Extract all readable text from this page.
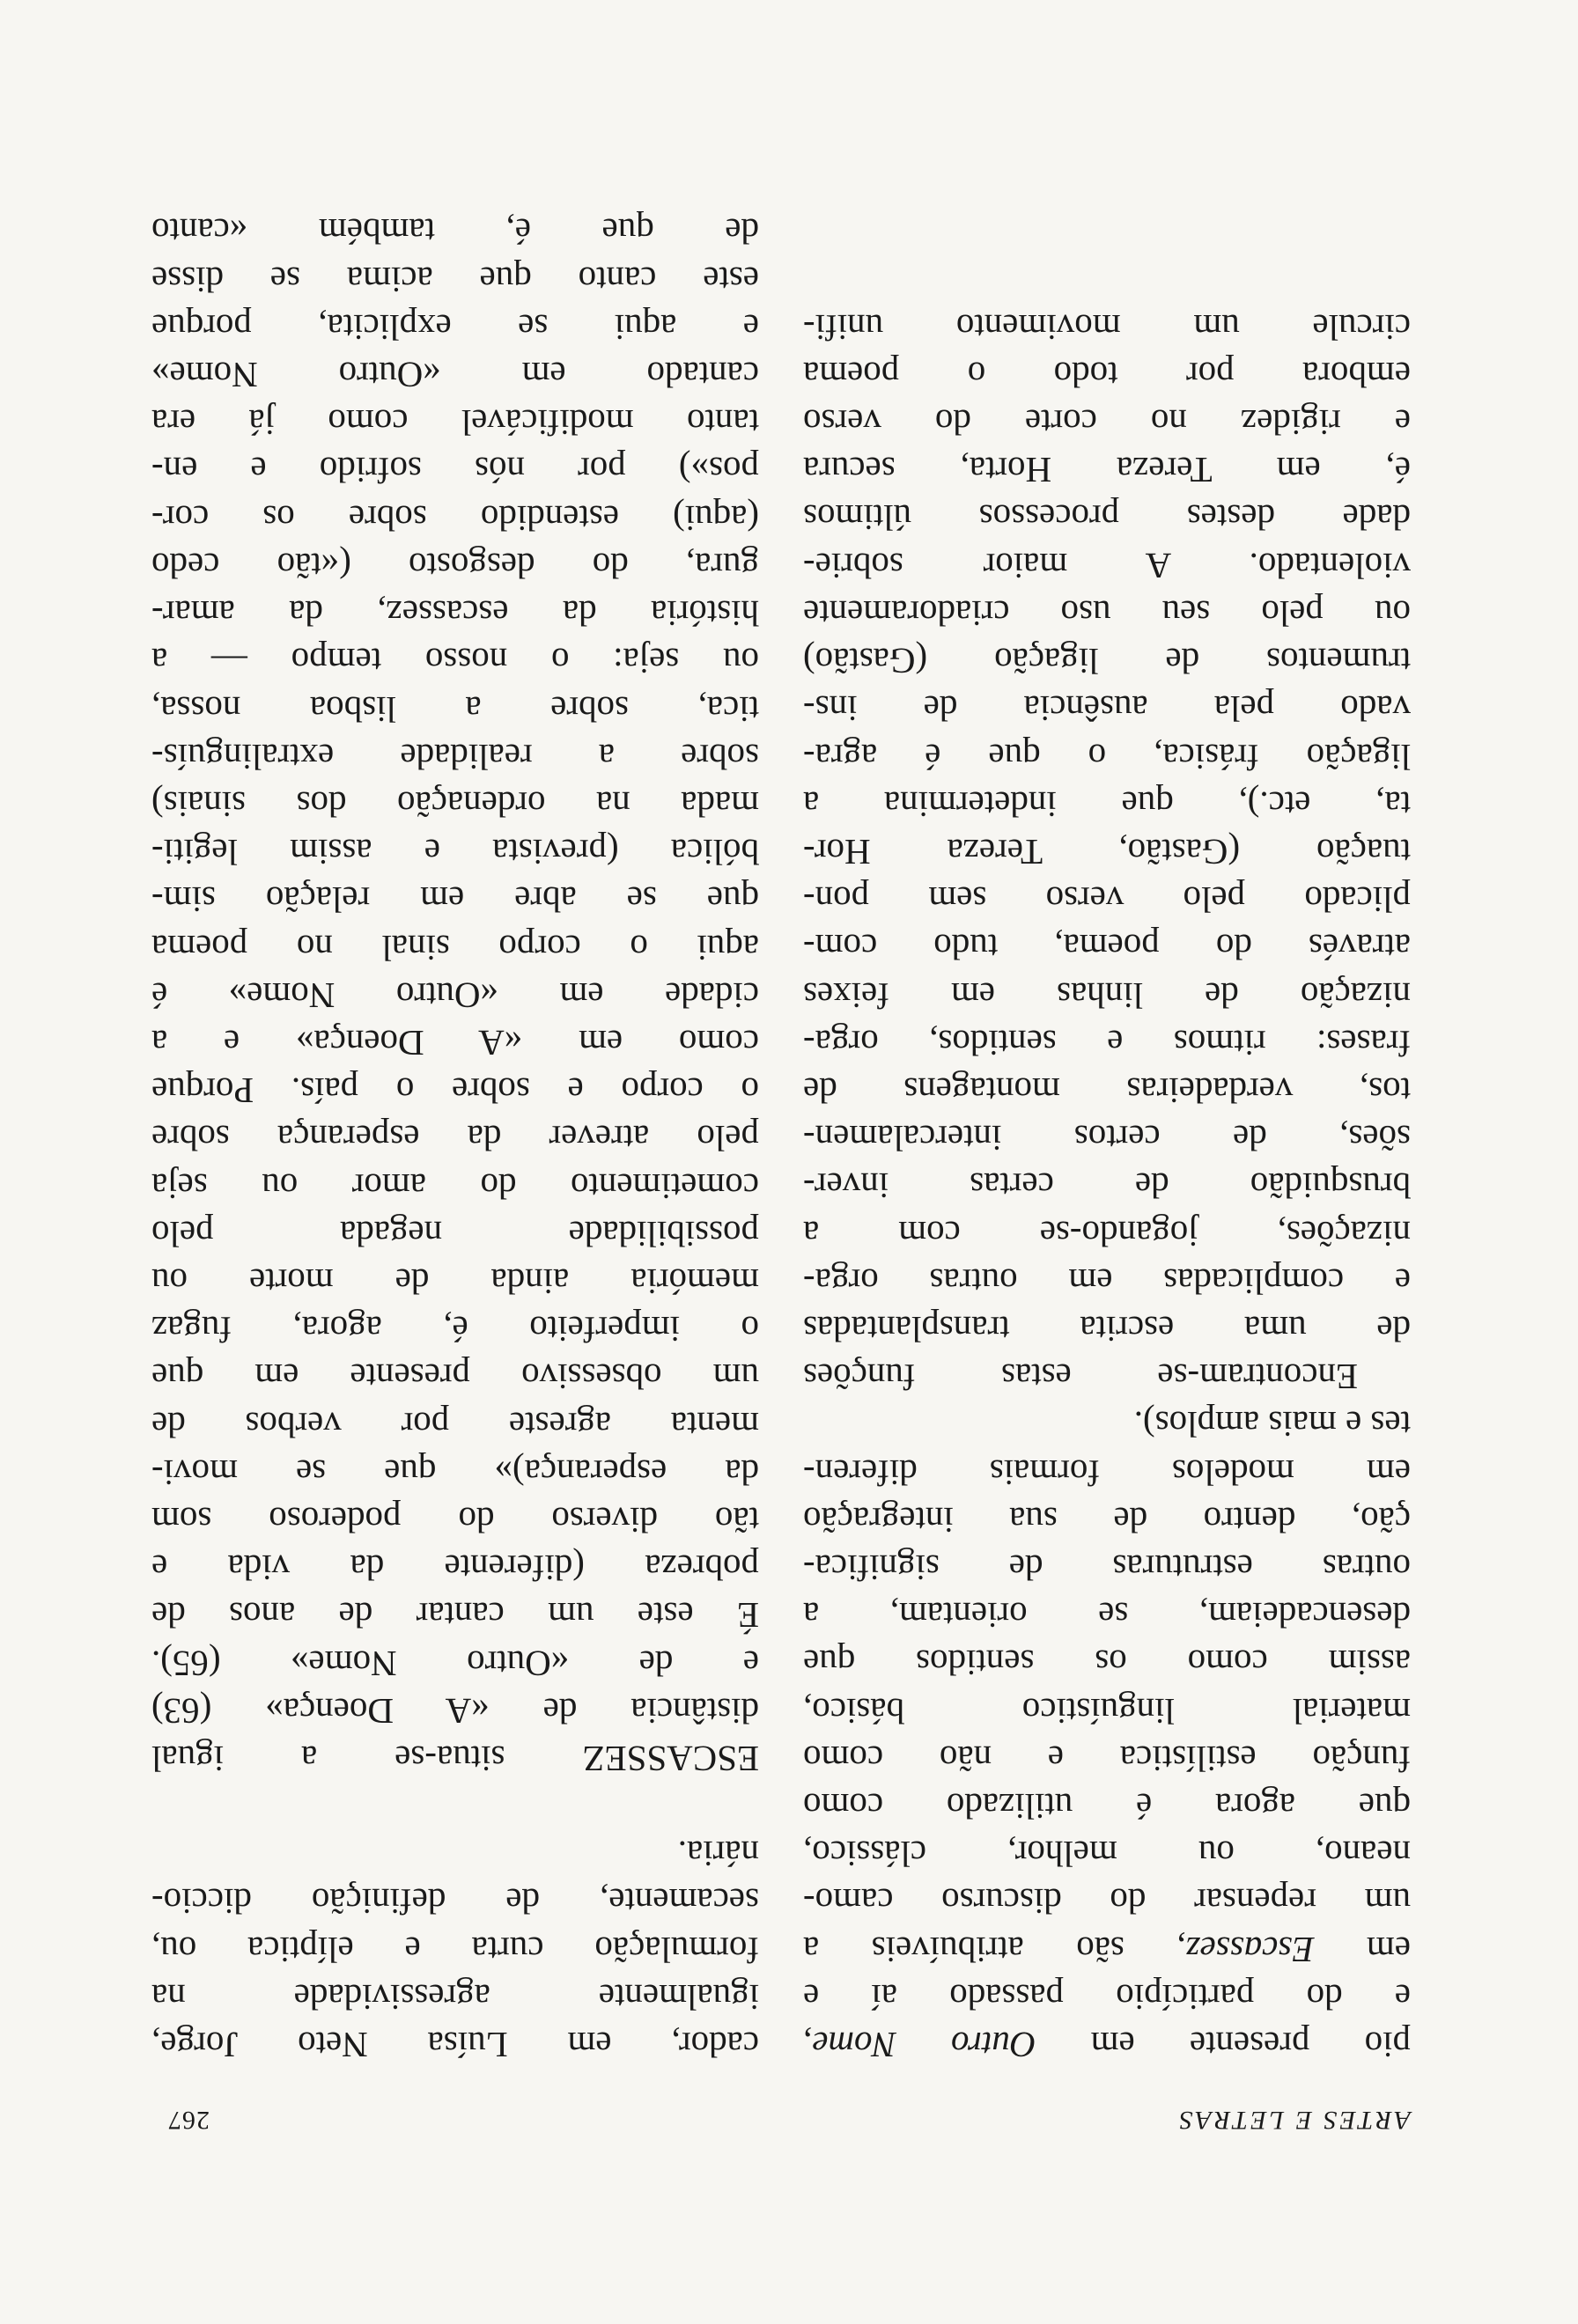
ARTES E LETRAS
267
pio presente em Outro Nome,
e do particípio passado aí e
em Escassez, são atribuíveis a
um repensar do discurso camo-
neano, ou melhor, clássico,
que agora é utilizado como
função estilística e não como
material linguístico básico,
assim como os sentidos que
desencadeiam, se orientam, a
outras estruturas de significa-
ção, dentro de sua integração
em modelos formais diferen-
tes e mais amplos).
Encontram-se estas funções
de uma escrita transplantadas
e complicadas em outras orga-
nizações, jogando-se com a
brusquidão de certas inver-
sões, de certos intercalamen-
tos, verdadeiras montagens de
frases: ritmos e sentidos, orga-
nização de linhas em feixes
através do poema, tudo com-
plicado pelo verso sem pon-
tuação (Gastão, Tereza Hor-
ta, etc.), que indetermina a
ligação frásica, o que é agra-
vado pela ausência de ins-
trumentos de ligação (Gastão)
ou pelo seu uso criadoramente
violentado. A maior sobrie-
dade destes processos últimos
é, em Tereza Horta, secura
e rigidez no corte do verso
embora por todo o poema
circule um movimento unifi-
cador, em Luísa Neto Jorge,
igualmente agressividade na
formulação curta e elíptica ou,
secamente, de definição diccio-
nária.
ESCASSEZ situa-se a igual
distância de «A Doença» (63)
e de «Outro Nome» (65).
É este um cantar de anos de
pobreza (diferente da vida e
tão diverso do poderoso som
da esperança)» que se movi-
menta agreste por verbos de
um obsessivo presente em que
o imperfeito é, agora, fugaz
memória ainda de morte ou
possibilidade negada pelo
cometimento do amor ou seja
pelo atrever da esperança sobre
o corpo e sobre o país. Porque
como em «A Doença» e a
cidade em «Outro Nome» é
aqui o corpo sinal no poema
que se abre em relação sim-
bólica (prevista e assim legiti-
mada na ordenação dos sinais)
sobre a realidade extralinguís-
tica, sobre a lisboa nossa,
ou seja: o nosso tempo — a
história da escassez, da amar-
gura, do desgosto («tão cedo
(aqui) estendido sobre os cor-
pos») por nós sofrido e en-
tanto modificável como já era
cantado em «Outro Nome»
e aqui se explicita, porque
este canto que acima se disse
de que é, também «canto
